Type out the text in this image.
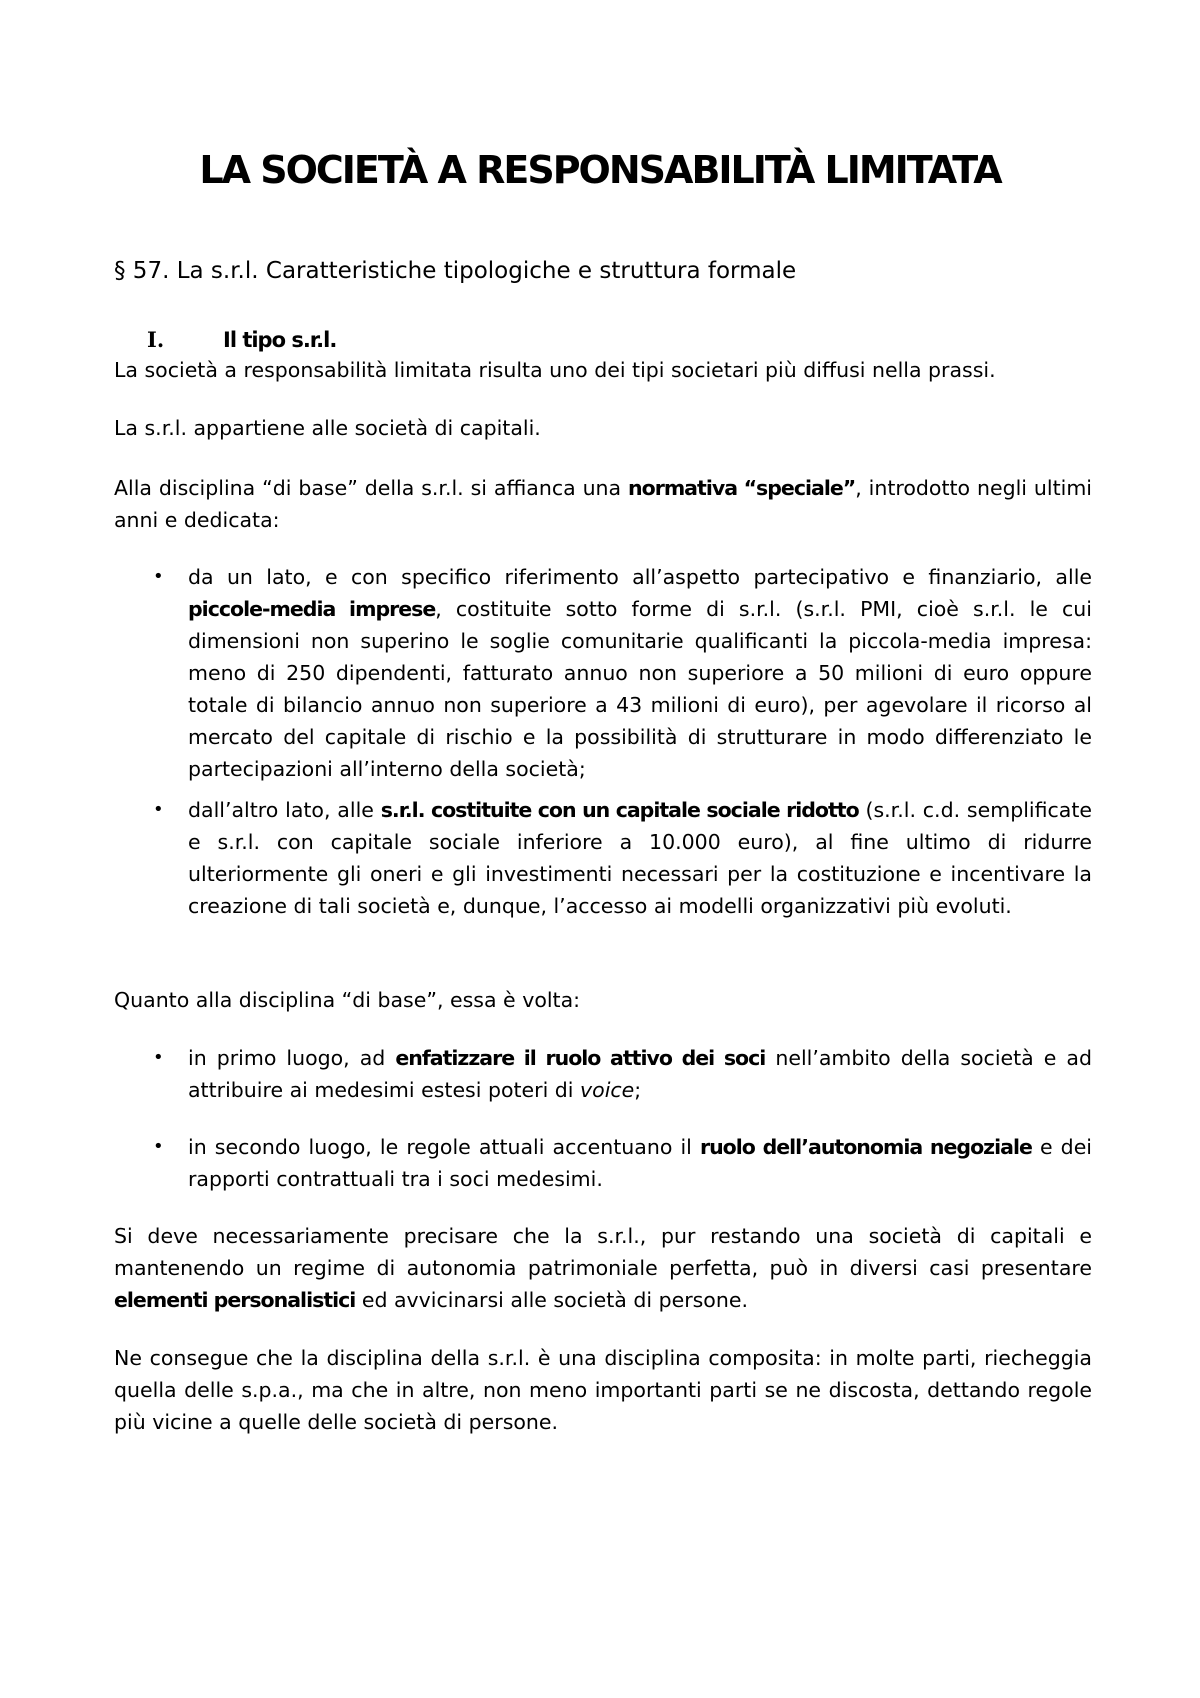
LA SOCIETÀ A RESPONSABILITÀ LIMITATA

§ 57. La s.r.l. Caratteristiche tipologiche e struttura formale

I.	Il tipo s.r.l.

La società a responsabilità limitata risulta uno dei tipi societari più diffusi nella prassi.

La s.r.l. appartiene alle società di capitali.

Alla disciplina “di base” della s.r.l. si affianca una normativa “speciale”, introdotto negli ultimi anni e dedicata:

• da un lato, e con specifico riferimento all’aspetto partecipativo e finanziario, alle piccole-media imprese, costituite sotto forme di s.r.l. (s.r.l. PMI, cioè s.r.l. le cui dimensioni non superino le soglie comunitarie qualificanti la piccola-media impresa: meno di 250 dipendenti, fatturato annuo non superiore a 50 milioni di euro oppure totale di bilancio annuo non superiore a 43 milioni di euro), per agevolare il ricorso al mercato del capitale di rischio e la possibilità di strutturare in modo differenziato le partecipazioni all’interno della società;
• dall’altro lato, alle s.r.l. costituite con un capitale sociale ridotto (s.r.l. c.d. semplificate e s.r.l. con capitale sociale inferiore a 10.000 euro), al fine ultimo di ridurre ulteriormente gli oneri e gli investimenti necessari per la costituzione e incentivare la creazione di tali società e, dunque, l’accesso ai modelli organizzativi più evoluti.

Quanto alla disciplina “di base”, essa è volta:

• in primo luogo, ad enfatizzare il ruolo attivo dei soci nell’ambito della società e ad attribuire ai medesimi estesi poteri di voice;
• in secondo luogo, le regole attuali accentuano il ruolo dell’autonomia negoziale e dei rapporti contrattuali tra i soci medesimi.

Si deve necessariamente precisare che la s.r.l., pur restando una società di capitali e mantenendo un regime di autonomia patrimoniale perfetta, può in diversi casi presentare elementi personalistici ed avvicinarsi alle società di persone.

Ne consegue che la disciplina della s.r.l. è una disciplina composita: in molte parti, riecheggia quella delle s.p.a., ma che in altre, non meno importanti parti se ne discosta, dettando regole più vicine a quelle delle società di persone.
